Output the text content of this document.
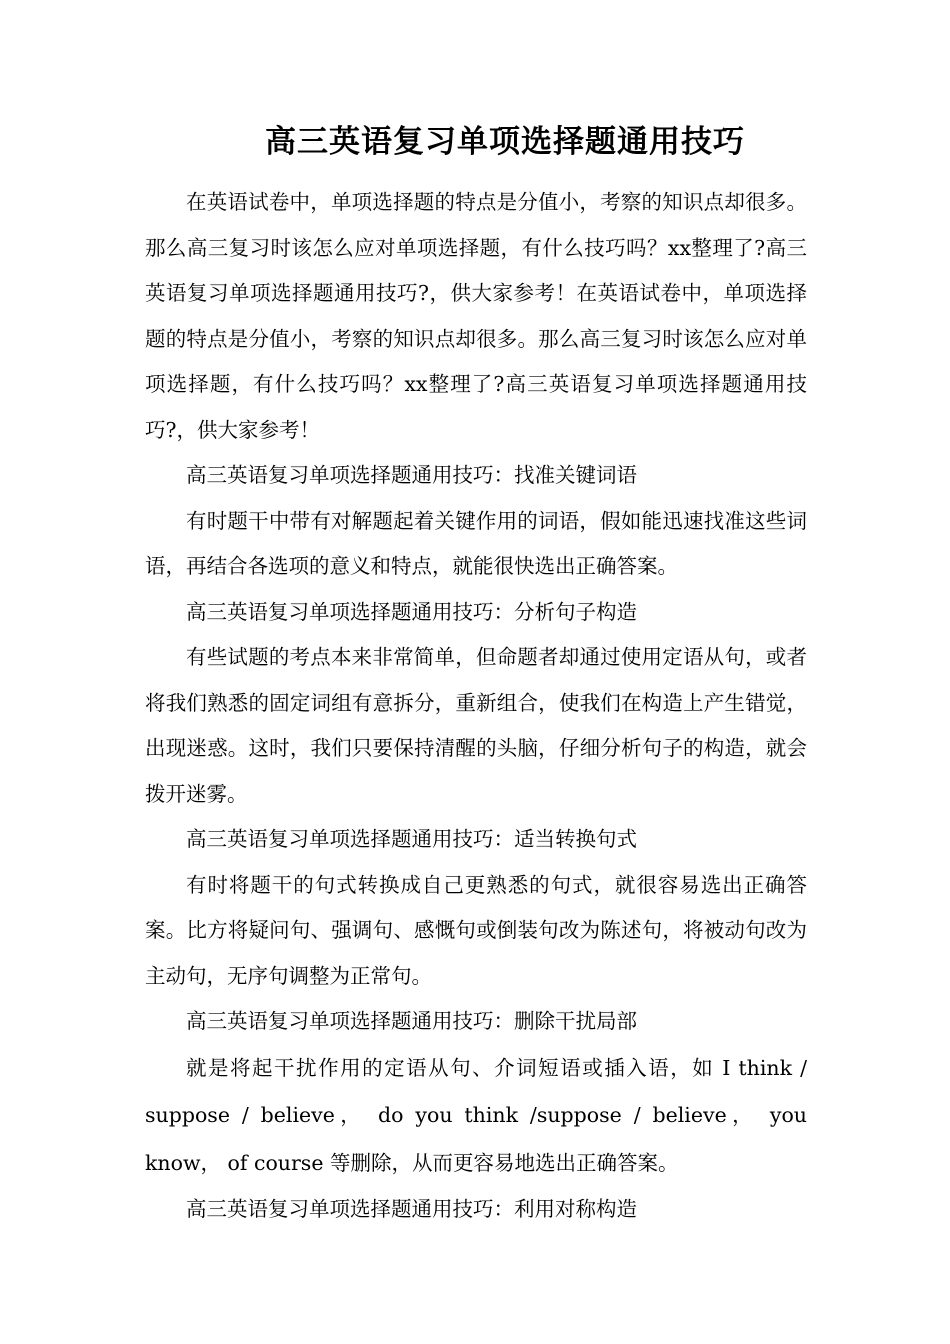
高三英语复习单项选择题通用技巧

在英语试卷中，单项选择题的特点是分值小，考察的知识点却很多。那么高三复习时该怎么应对单项选择题，有什么技巧吗？xx整理了?高三英语复习单项选择题通用技巧?，供大家参考！在英语试卷中，单项选择题的特点是分值小，考察的知识点却很多。那么高三复习时该怎么应对单项选择题，有什么技巧吗？xx整理了?高三英语复习单项选择题通用技巧?，供大家参考！

高三英语复习单项选择题通用技巧：找准关键词语

有时题干中带有对解题起着关键作用的词语，假如能迅速找准这些词语，再结合各选项的意义和特点，就能很快选出正确答案。

高三英语复习单项选择题通用技巧：分析句子构造

有些试题的考点本来非常简单，但命题者却通过使用定语从句，或者将我们熟悉的固定词组有意拆分，重新组合，使我们在构造上产生错觉，出现迷惑。这时，我们只要保持清醒的头脑，仔细分析句子的构造，就会拨开迷雾。

高三英语复习单项选择题通用技巧：适当转换句式

有时将题干的句式转换成自己更熟悉的句式，就很容易选出正确答案。比方将疑问句、强调句、感慨句或倒装句改为陈述句，将被动句改为主动句，无序句调整为正常句。

高三英语复习单项选择题通用技巧：删除干扰局部

就是将起干扰作用的定语从句、介词短语或插入语，如 I think / suppose / believe， do you think /suppose / believe， you know， of course 等删除，从而更容易地选出正确答案。

高三英语复习单项选择题通用技巧：利用对称构造
